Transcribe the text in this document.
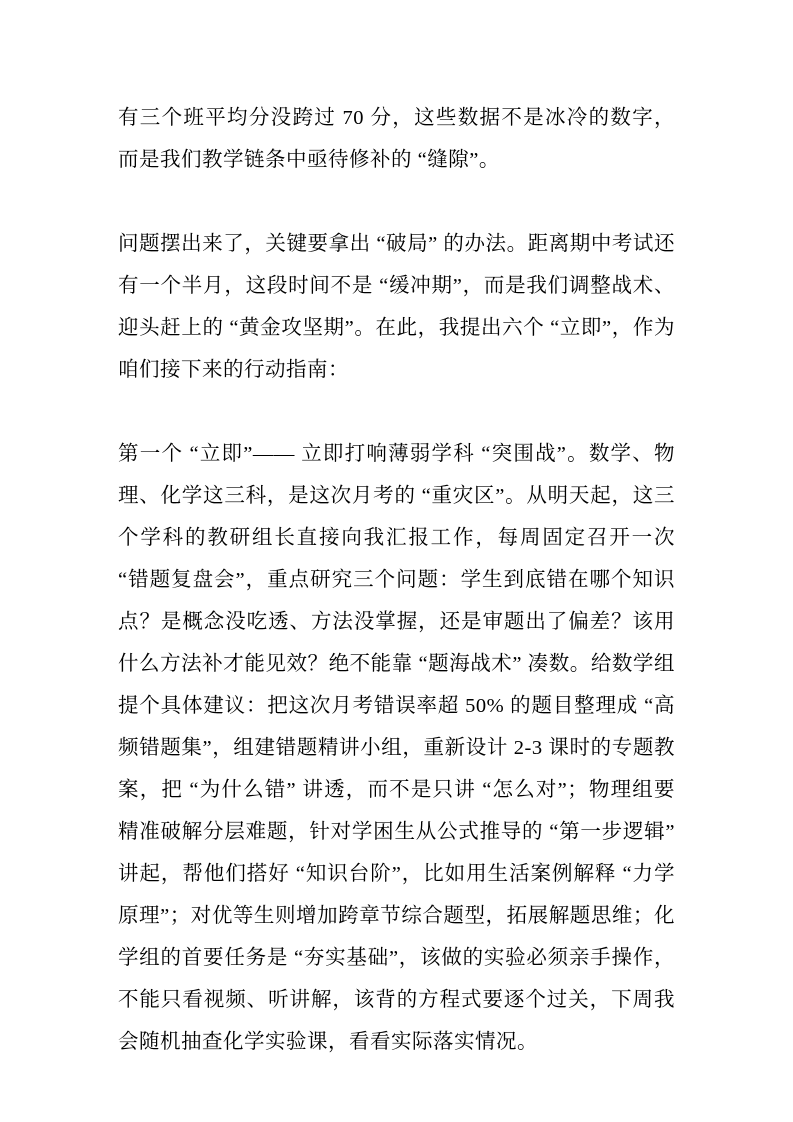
有三个班平均分没跨过 70 分，这些数据不是冰冷的数字，而是我们教学链条中亟待修补的 “缝隙”。

问题摆出来了，关键要拿出 “破局” 的办法。距离期中考试还有一个半月，这段时间不是 “缓冲期”，而是我们调整战术、迎头赶上的 “黄金攻坚期”。在此，我提出六个 “立即”，作为咱们接下来的行动指南：

第一个 “立即”—— 立即打响薄弱学科 “突围战”。数学、物理、化学这三科，是这次月考的 “重灾区”。从明天起，这三个学科的教研组长直接向我汇报工作，每周固定召开一次 “错题复盘会”，重点研究三个问题：学生到底错在哪个知识点？是概念没吃透、方法没掌握，还是审题出了偏差？该用什么方法补才能见效？绝不能靠 “题海战术” 凑数。给数学组提个具体建议：把这次月考错误率超 50% 的题目整理成 “高频错题集”，组建错题精讲小组，重新设计 2-3 课时的专题教案，把 “为什么错” 讲透，而不是只讲 “怎么对”；物理组要精准破解分层难题，针对学困生从公式推导的 “第一步逻辑” 讲起，帮他们搭好 “知识台阶”，比如用生活案例解释 “力学原理”；对优等生则增加跨章节综合题型，拓展解题思维；化学组的首要任务是 “夯实基础”，该做的实验必须亲手操作，不能只看视频、听讲解，该背的方程式要逐个过关，下周我会随机抽查化学实验课，看看实际落实情况。
